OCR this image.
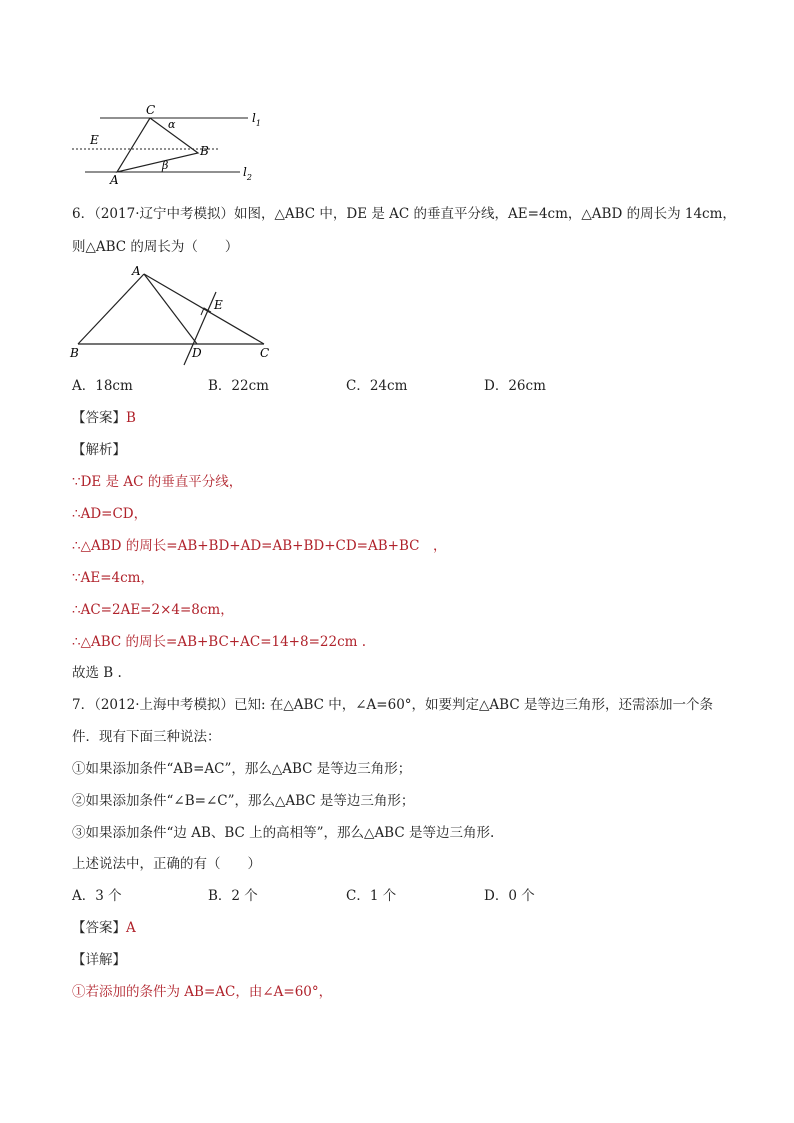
C
α	$l_1$
E
B
β
A
$l_2$
6．（2017·辽宁中考模拟）如图，△ABC 中，DE 是 AC 的垂直平分线，AE=4cm，△ABD 的周长为 14cm，
则△ABC 的周长为（　　）
A
E
B	D	C
A．18cm	B．22cm	C．24cm	D．26cm
【答案】B
【解析】
∵DE 是 AC 的垂直平分线，
∴AD=CD，
∴△ABD 的周长=AB+BD+AD=AB+BD+CD=AB+BC　，
∵AE=4cm，
∴AC=2AE=2×4=8cm，
∴△ABC 的周长=AB+BC+AC=14+8=22cm .
故选 B .
7．（2012·上海中考模拟）已知: 在△ABC 中，∠A=60°，如要判定△ABC 是等边三角形，还需添加一个条
件．现有下面三种说法：
①如果添加条件“AB=AC”，那么△ABC 是等边三角形；
②如果添加条件“∠B=∠C”，那么△ABC 是等边三角形；
③如果添加条件“边 AB、BC 上的高相等”，那么△ABC 是等边三角形.
上述说法中，正确的有（　　）
A．3 个	B．2 个	C．1 个	D．0 个
【答案】A
【详解】
①若添加的条件为 AB=AC，由∠A=60°，
